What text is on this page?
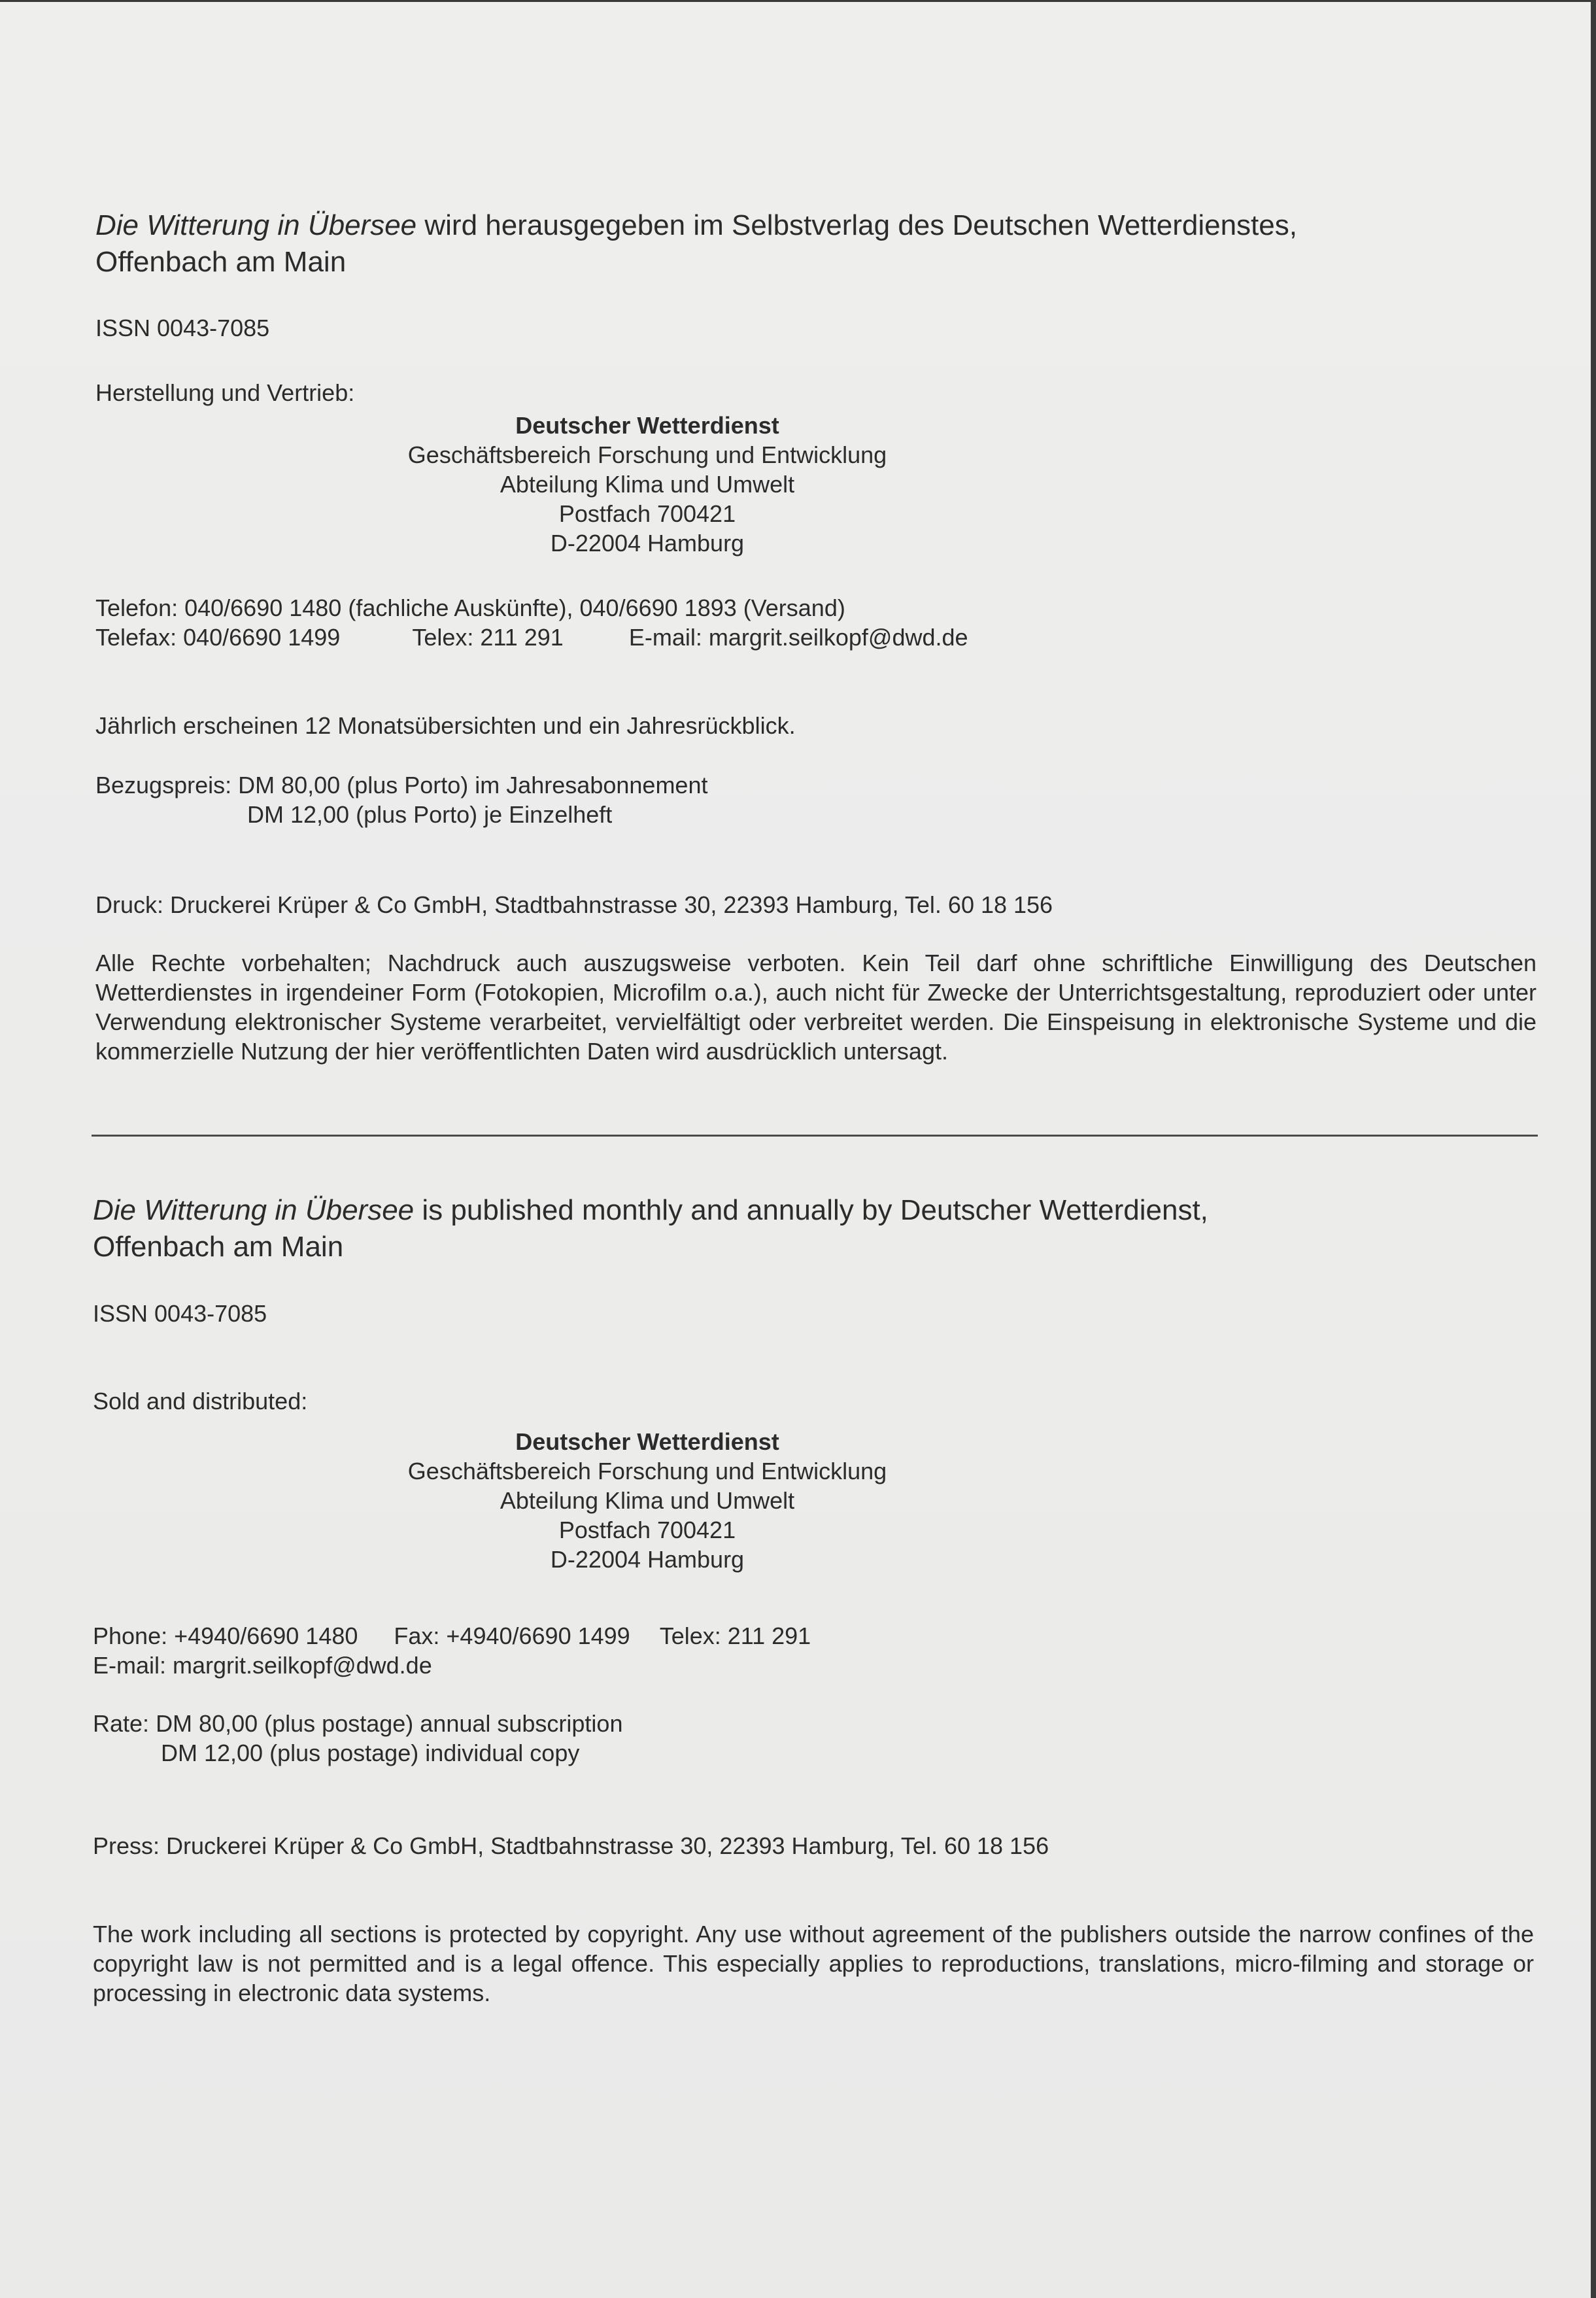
Die Witterung in Übersee wird herausgegeben im Selbstverlag des Deutschen Wetterdienstes,
Offenbach am Main

ISSN 0043-7085

Herstellung und Vertrieb:

Deutscher Wetterdienst
Geschäftsbereich Forschung und Entwicklung
Abteilung Klima und Umwelt
Postfach 700421
D-22004 Hamburg

Telefon: 040/6690 1480 (fachliche Auskünfte), 040/6690 1893 (Versand)
Telefax: 040/6690 1499	Telex: 211 291	E-mail: margrit.seilkopf@dwd.de

Jährlich erscheinen 12 Monatsübersichten und ein Jahresrückblick.

Bezugspreis: DM 80,00 (plus Porto) im Jahresabonnement
DM 12,00 (plus Porto) je Einzelheft

Druck: Druckerei Krüper & Co GmbH, Stadtbahnstrasse 30, 22393 Hamburg, Tel. 60 18 156

Alle Rechte vorbehalten; Nachdruck auch auszugsweise verboten. Kein Teil darf ohne schriftliche Einwilligung des Deutschen Wetterdienstes in irgendeiner Form (Fotokopien, Microfilm o.a.), auch nicht für Zwecke der Unterrichtsgestaltung, reproduziert oder unter Verwendung elektronischer Systeme verarbeitet, vervielfältigt oder verbreitet werden. Die Einspeisung in elektronische Systeme und die kommerzielle Nutzung der hier veröffentlichten Daten wird ausdrücklich untersagt.

Die Witterung in Übersee is published monthly and annually by Deutscher Wetterdienst,
Offenbach am Main

ISSN 0043-7085

Sold and distributed:

Deutscher Wetterdienst
Geschäftsbereich Forschung und Entwicklung
Abteilung Klima und Umwelt
Postfach 700421
D-22004 Hamburg

Phone: +4940/6690 1480 Fax: +4940/6690 1499 Telex: 211 291
E-mail: margrit.seilkopf@dwd.de

Rate: DM 80,00 (plus postage) annual subscription
DM 12,00 (plus postage) individual copy

Press: Druckerei Krüper & Co GmbH, Stadtbahnstrasse 30, 22393 Hamburg, Tel. 60 18 156

The work including all sections is protected by copyright. Any use without agreement of the publishers outside the narrow confines of the copyright law is not permitted and is a legal offence. This especially applies to reproductions, translations, micro-filming and storage or processing in electronic data systems.
